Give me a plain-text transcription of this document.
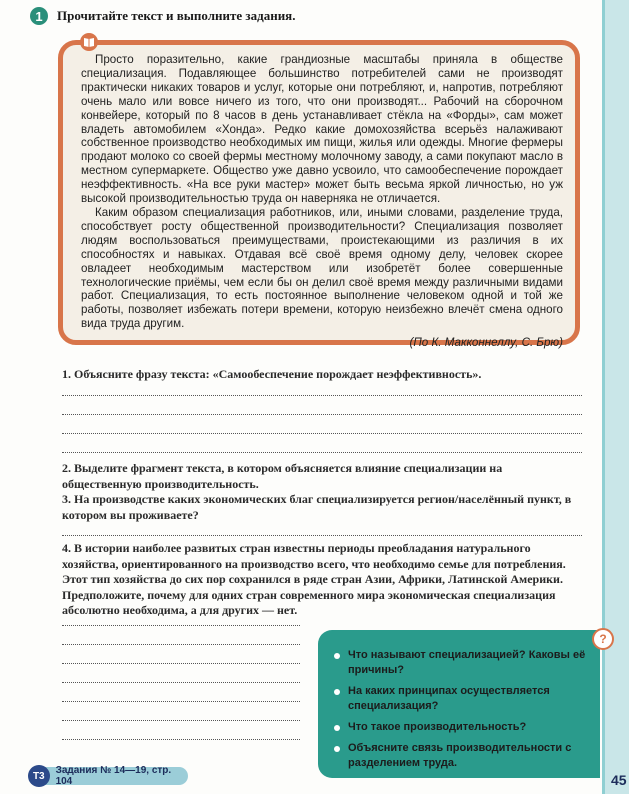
1	Прочитайте текст и выполните задания.

Просто поразительно, какие грандиозные масштабы приняла в обществе специализация. Подавляющее большинство потребителей сами не производят практически никаких товаров и услуг, которые они потребляют, и, напротив, потребляют очень мало или вовсе ничего из того, что они производят... Рабочий на сборочном конвейере, который по 8 часов в день устанавливает стёкла на «Форды», сам может владеть автомобилем «Хонда». Редко какие домохозяйства всерьёз налаживают собственное производство необходимых им пищи, жилья или одежды. Многие фермеры продают молоко со своей фермы местному молочному заводу, а сами покупают масло в местном супермаркете. Общество уже давно усвоило, что самообеспечение порождает неэффективность. «На все руки мастер» может быть весьма яркой личностью, но уж высокой производительностью труда он наверняка не отличается.

Каким образом специализация работников, или, иными словами, разделение труда, способствует росту общественной производительности? Специализация позволяет людям воспользоваться преимуществами, проистекающими из различия в их способностях и навыках. Отдавая всё своё время одному делу, человек скорее овладеет необходимым мастерством или изобретёт более совершенные технологические приёмы, чем если бы он делил своё время между различными видами работ. Специализация, то есть постоянное выполнение человеком одной и той же работы, позволяет избежать потери времени, которую неизбежно влечёт смена одного вида труда другим.

(По К. Макконнеллу, С. Брю)
1. Объясните фразу текста: «Самообеспечение порождает неэффективность».
2. Выделите фрагмент текста, в котором объясняется влияние специализации на общественную производительность.
3. На производстве каких экономических благ специализируется регион/населённый пункт, в котором вы проживаете?
4. В истории наиболее развитых стран известны периоды преобладания натурального хозяйства, ориентированного на производство всего, что необходимо семье для потребления. Этот тип хозяйства до сих пор сохранился в ряде стран Азии, Африки, Латинской Америки. Предположите, почему для одних стран современного мира экономическая специализация абсолютно необходима, а для других — нет.
Что называют специализацией? Каковы её причины?
На каких принципах осуществляется специализация?
Что такое производительность?
Объясните связь производительности с разделением труда.
?
Т3	Задания № 14—19, стр. 104	45
